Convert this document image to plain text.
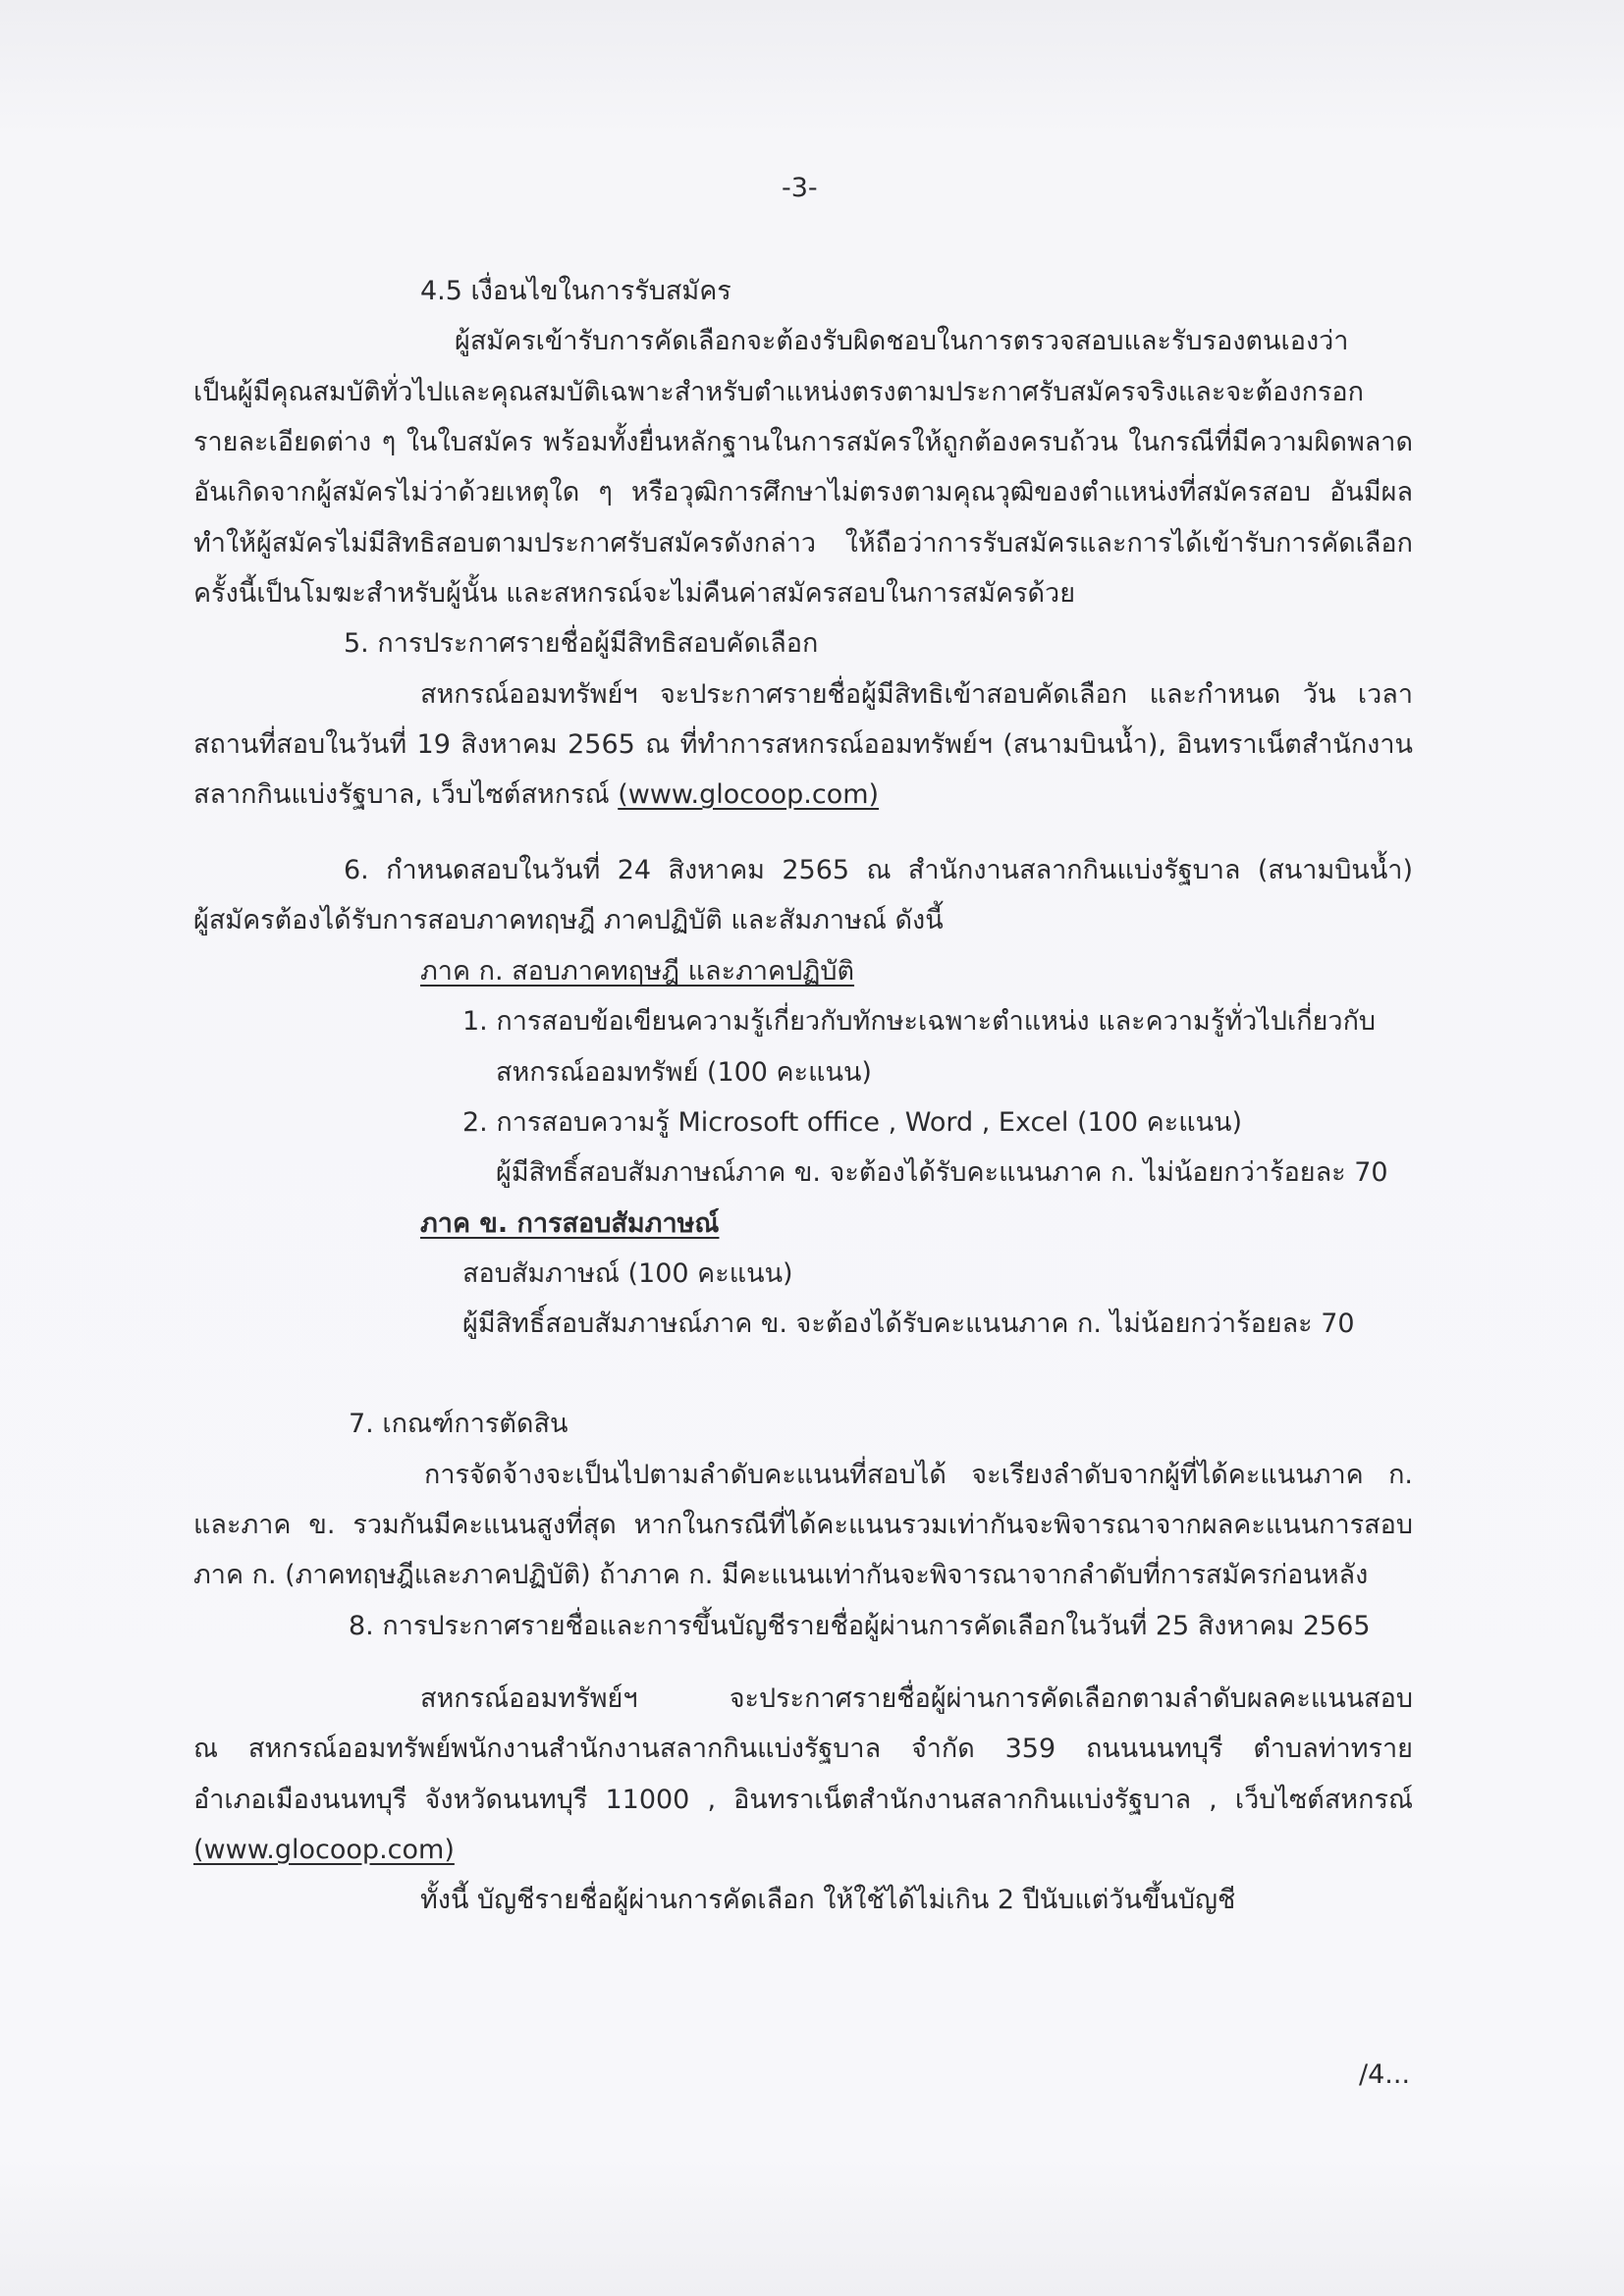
-3-
4.5 เงื่อนไขในการรับสมัคร
ผู้สมัครเข้ารับการคัดเลือกจะต้องรับผิดชอบในการตรวจสอบและรับรองตนเองว่า
เป็นผู้มีคุณสมบัติทั่วไปและคุณสมบัติเฉพาะสำหรับตำแหน่งตรงตามประกาศรับสมัครจริงและจะต้องกรอก
รายละเอียดต่าง ๆ ในใบสมัคร พร้อมทั้งยื่นหลักฐานในการสมัครให้ถูกต้องครบถ้วน ในกรณีที่มีความผิดพลาด
อันเกิดจากผู้สมัครไม่ว่าด้วยเหตุใด ๆ หรือวุฒิการศึกษาไม่ตรงตามคุณวุฒิของตำแหน่งที่สมัครสอบ อันมีผล
ทำให้ผู้สมัครไม่มีสิทธิสอบตามประกาศรับสมัครดังกล่าว ให้ถือว่าการรับสมัครและการได้เข้ารับการคัดเลือก
ครั้งนี้เป็นโมฆะสำหรับผู้นั้น และสหกรณ์จะไม่คืนค่าสมัครสอบในการสมัครด้วย
5. การประกาศรายชื่อผู้มีสิทธิสอบคัดเลือก
สหกรณ์ออมทรัพย์ฯ จะประกาศรายชื่อผู้มีสิทธิเข้าสอบคัดเลือก และกำหนด วัน เวลา
สถานที่สอบในวันที่ 19 สิงหาคม 2565 ณ ที่ทำการสหกรณ์ออมทรัพย์ฯ (สนามบินน้ำ), อินทราเน็ตสำนักงาน
สลากกินแบ่งรัฐบาล, เว็บไซต์สหกรณ์ (www.glocoop.com)
6. กำหนดสอบในวันที่ 24 สิงหาคม 2565 ณ สำนักงานสลากกินแบ่งรัฐบาล (สนามบินน้ำ)
ผู้สมัครต้องได้รับการสอบภาคทฤษฎี ภาคปฏิบัติ และสัมภาษณ์ ดังนี้
ภาค ก. สอบภาคทฤษฎี และภาคปฏิบัติ
1. การสอบข้อเขียนความรู้เกี่ยวกับทักษะเฉพาะตำแหน่ง และความรู้ทั่วไปเกี่ยวกับ
สหกรณ์ออมทรัพย์ (100 คะแนน)
2. การสอบความรู้ Microsoft office , Word , Excel (100 คะแนน)
ผู้มีสิทธิ์สอบสัมภาษณ์ภาค ข. จะต้องได้รับคะแนนภาค ก. ไม่น้อยกว่าร้อยละ 70
ภาค ข. การสอบสัมภาษณ์
สอบสัมภาษณ์ (100 คะแนน)
ผู้มีสิทธิ์สอบสัมภาษณ์ภาค ข. จะต้องได้รับคะแนนภาค ก. ไม่น้อยกว่าร้อยละ 70
7. เกณฑ์การตัดสิน
การจัดจ้างจะเป็นไปตามลำดับคะแนนที่สอบได้ จะเรียงลำดับจากผู้ที่ได้คะแนนภาค ก.
และภาค ข. รวมกันมีคะแนนสูงที่สุด หากในกรณีที่ได้คะแนนรวมเท่ากันจะพิจารณาจากผลคะแนนการสอบ
ภาค ก. (ภาคทฤษฎีและภาคปฏิบัติ) ถ้าภาค ก. มีคะแนนเท่ากันจะพิจารณาจากลำดับที่การสมัครก่อนหลัง
8. การประกาศรายชื่อและการขึ้นบัญชีรายชื่อผู้ผ่านการคัดเลือกในวันที่ 25 สิงหาคม 2565
สหกรณ์ออมทรัพย์ฯ จะประกาศรายชื่อผู้ผ่านการคัดเลือกตามลำดับผลคะแนนสอบ
ณ สหกรณ์ออมทรัพย์พนักงานสำนักงานสลากกินแบ่งรัฐบาล จำกัด 359 ถนนนนทบุรี ตำบลท่าทราย
อำเภอเมืองนนทบุรี จังหวัดนนทบุรี 11000 , อินทราเน็ตสำนักงานสลากกินแบ่งรัฐบาล , เว็บไซต์สหกรณ์
(www.glocoop.com)
ทั้งนี้ บัญชีรายชื่อผู้ผ่านการคัดเลือก ให้ใช้ได้ไม่เกิน 2 ปีนับแต่วันขึ้นบัญชี
/4...
